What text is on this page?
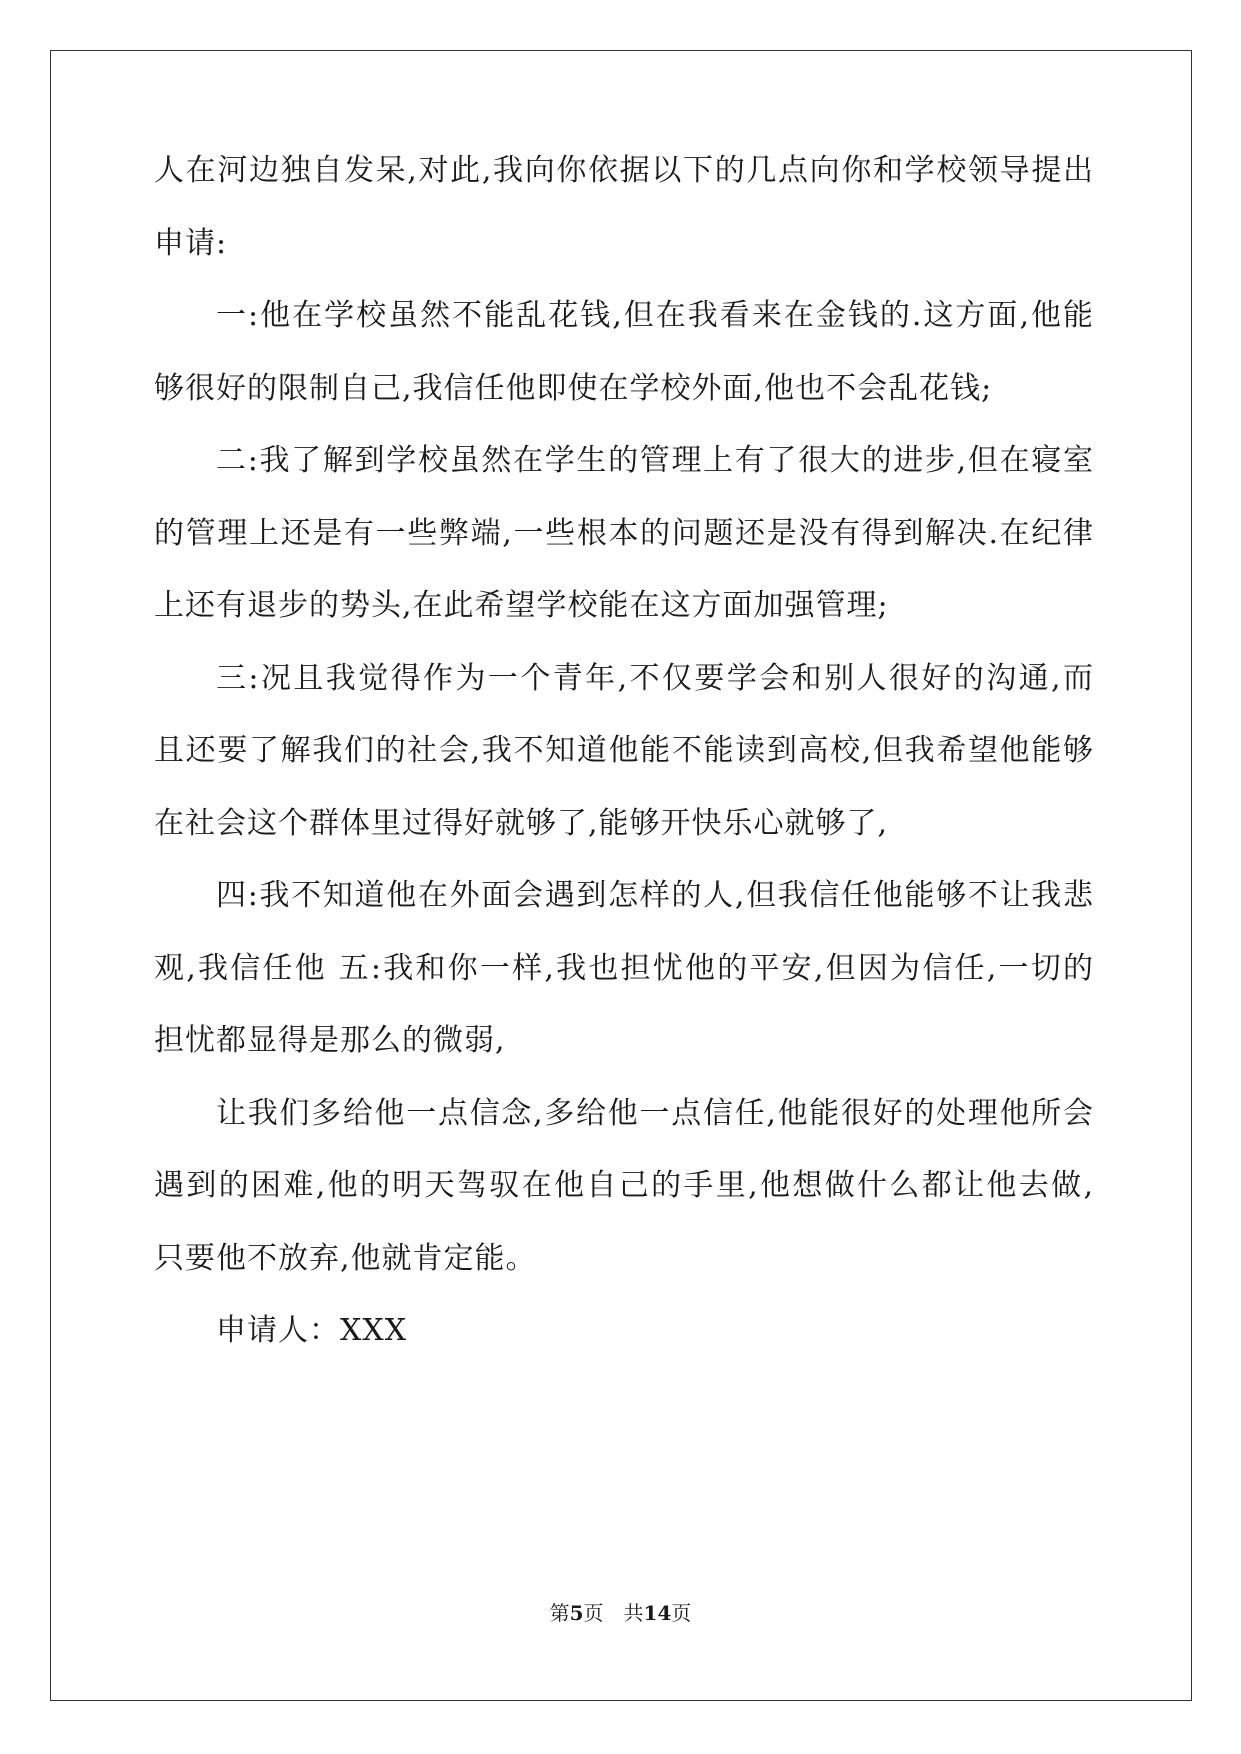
人在河边独自发呆,对此,我向你依据以下的几点向你和学校领导提出
申请:
一:他在学校虽然不能乱花钱,但在我看来在金钱的.这方面,他能
够很好的限制自己,我信任他即使在学校外面,他也不会乱花钱;
二:我了解到学校虽然在学生的管理上有了很大的进步,但在寝室
的管理上还是有一些弊端,一些根本的问题还是没有得到解决.在纪律
上还有退步的势头,在此希望学校能在这方面加强管理;
三:况且我觉得作为一个青年,不仅要学会和别人很好的沟通,而
且还要了解我们的社会,我不知道他能不能读到高校,但我希望他能够
在社会这个群体里过得好就够了,能够开快乐心就够了,
四:我不知道他在外面会遇到怎样的人,但我信任他能够不让我悲
观,我信任他 五:我和你一样,我也担忧他的平安,但因为信任,一切的
担忧都显得是那么的微弱,
让我们多给他一点信念,多给他一点信任,他能很好的处理他所会
遇到的困难,他的明天驾驭在他自己的手里,他想做什么都让他去做,
只要他不放弃,他就肯定能。
申请人：XXX
第5页 共14页
